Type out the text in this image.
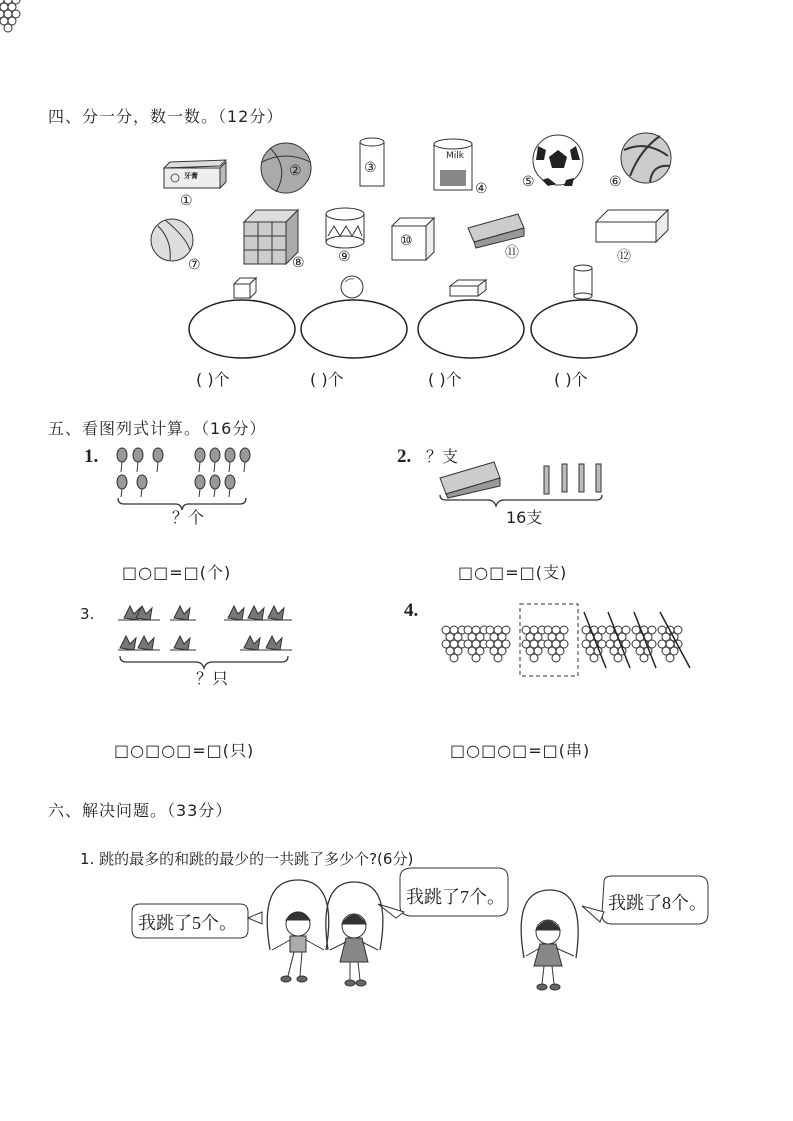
四、分一分，数一数。（12分）
牙膏
Milk
①
②	③
④ ⑤	⑥
⑦	⑧ ⑨
⑩
⑪	⑫
( )个	( )个	( )个	( )个
五、看图列式计算。（16分）
1.	2.
3.	4.
？个
？支
16支
？只
□○□=□(个)	□○□=□(支)
□○□○□=□(只)	□○□○□=□(串)
六、解决问题。（33分）
1. 跳的最多的和跳的最少的一共跳了多少个?(6分)
我跳了5个。
我跳了7个。	我跳了8个。
